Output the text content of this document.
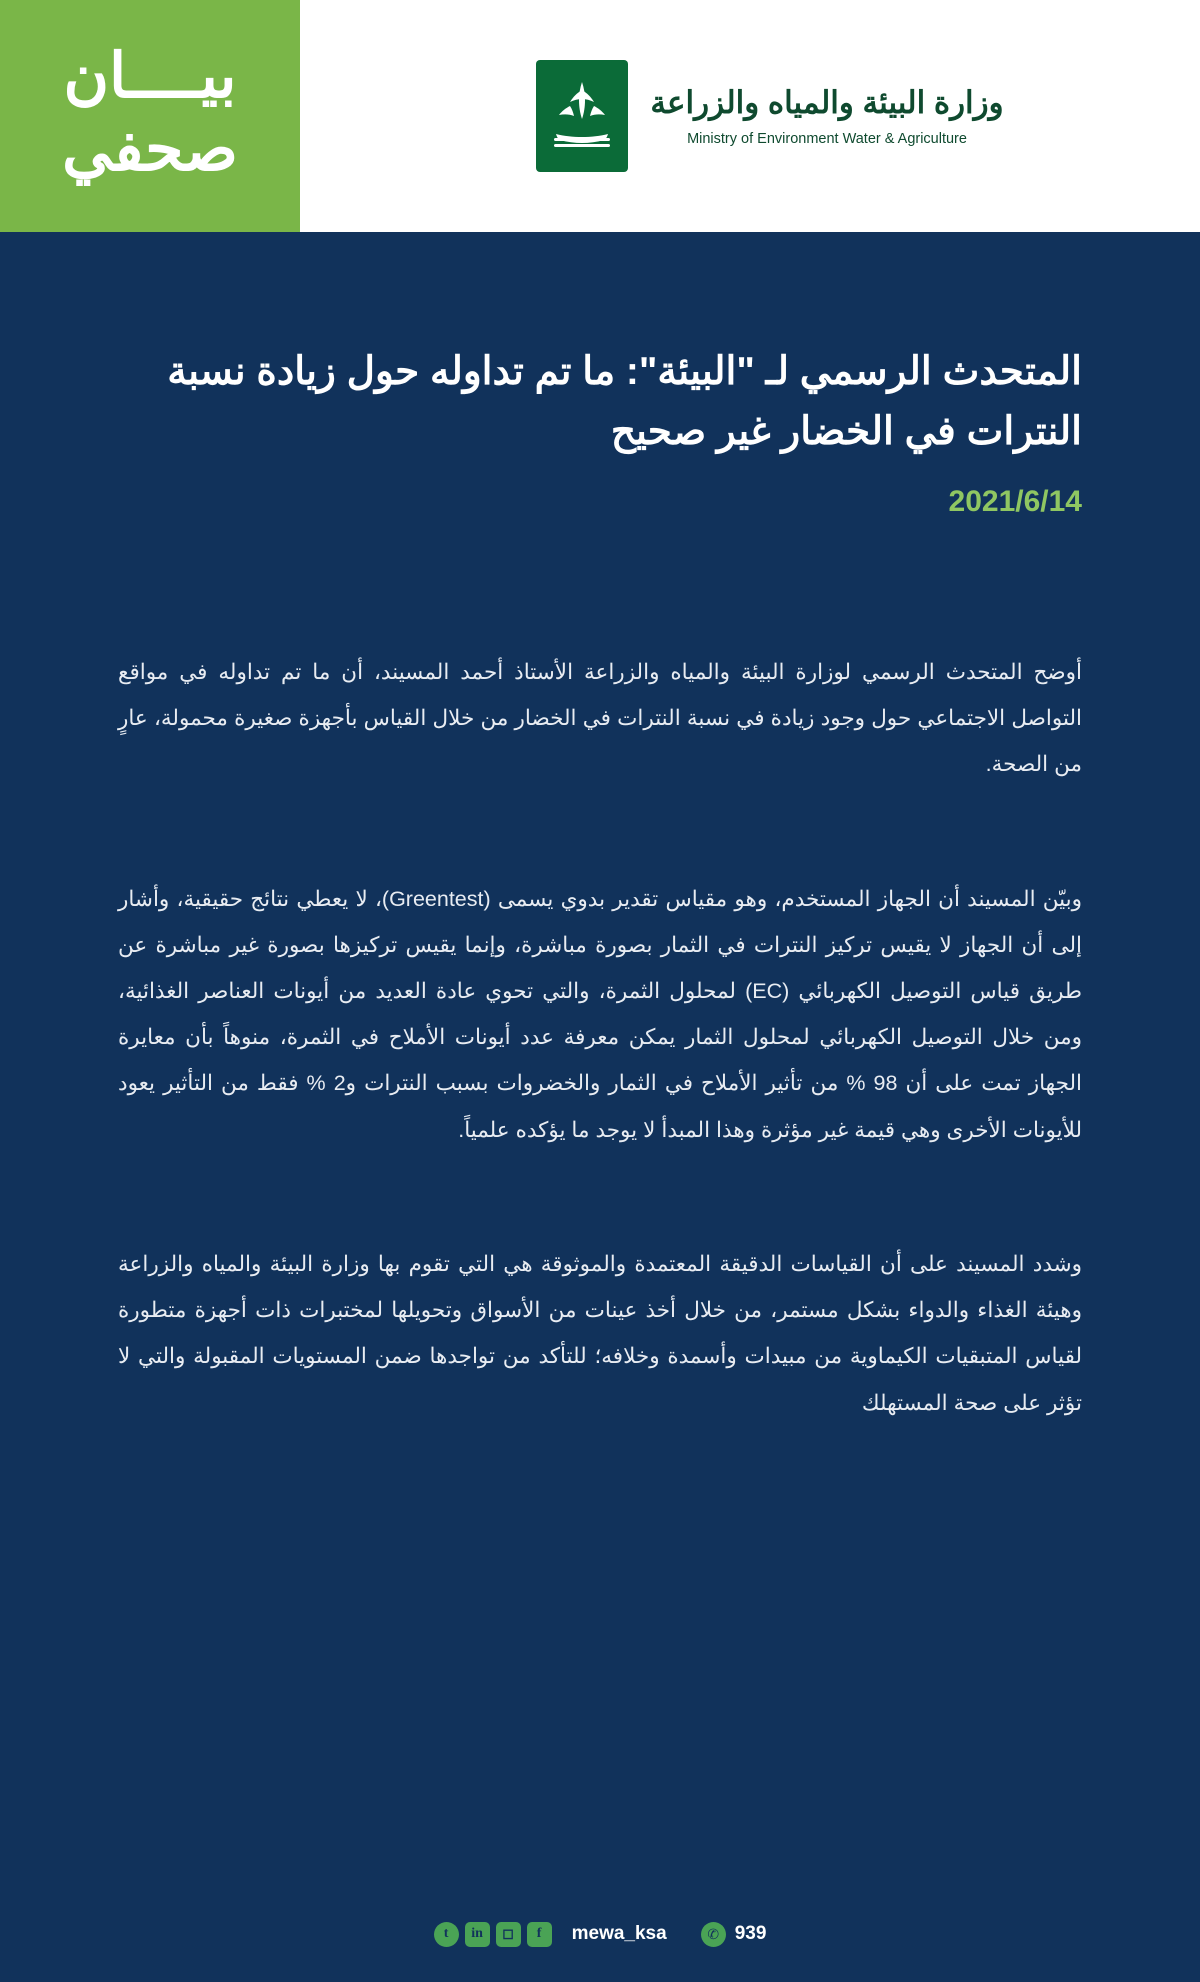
بيــــان
صحفي
وزارة البيئة والمياه والزراعة
Ministry of Environment Water & Agriculture
المتحدث الرسمي لـ "البيئة": ما تم تداوله حول زيادة نسبة النترات في الخضار غير صحيح
2021/6/14
أوضح المتحدث الرسمي لوزارة البيئة والمياه والزراعة الأستاذ أحمد المسيند، أن ما تم تداوله في مواقع التواصل الاجتماعي حول وجود زيادة في نسبة النترات في الخضار من خلال القياس بأجهزة صغيرة محمولة، عارٍ من الصحة.
وبيّن المسيند أن الجهاز المستخدم، وهو مقياس تقدير بدوي يسمى (Greentest)، لا يعطي نتائج حقيقية، وأشار إلى أن الجهاز لا يقيس تركيز النترات في الثمار بصورة مباشرة، وإنما يقيس تركيزها بصورة غير مباشرة عن طريق قياس التوصيل الكهربائي (EC) لمحلول الثمرة، والتي تحوي عادة العديد من أيونات العناصر الغذائية، ومن خلال التوصيل الكهربائي لمحلول الثمار يمكن معرفة عدد أيونات الأملاح في الثمرة، منوهاً بأن معايرة الجهاز تمت على أن 98 % من تأثير الأملاح في الثمار والخضروات بسبب النترات و2 % فقط من التأثير يعود للأيونات الأخرى وهي قيمة غير مؤثرة وهذا المبدأ لا يوجد ما يؤكده علمياً.
وشدد المسيند على أن القياسات الدقيقة المعتمدة والموثوقة هي التي تقوم بها وزارة البيئة والمياه والزراعة وهيئة الغذاء والدواء بشكل مستمر، من خلال أخذ عينات من الأسواق وتحويلها لمختبرات ذات أجهزة متطورة لقياس المتبقيات الكيماوية من مبيدات وأسمدة وخلافه؛ للتأكد من تواجدها ضمن المستويات المقبولة والتي لا تؤثر على صحة المستهلك
t	in	◻	f	mewa_ksa	✆ 939
